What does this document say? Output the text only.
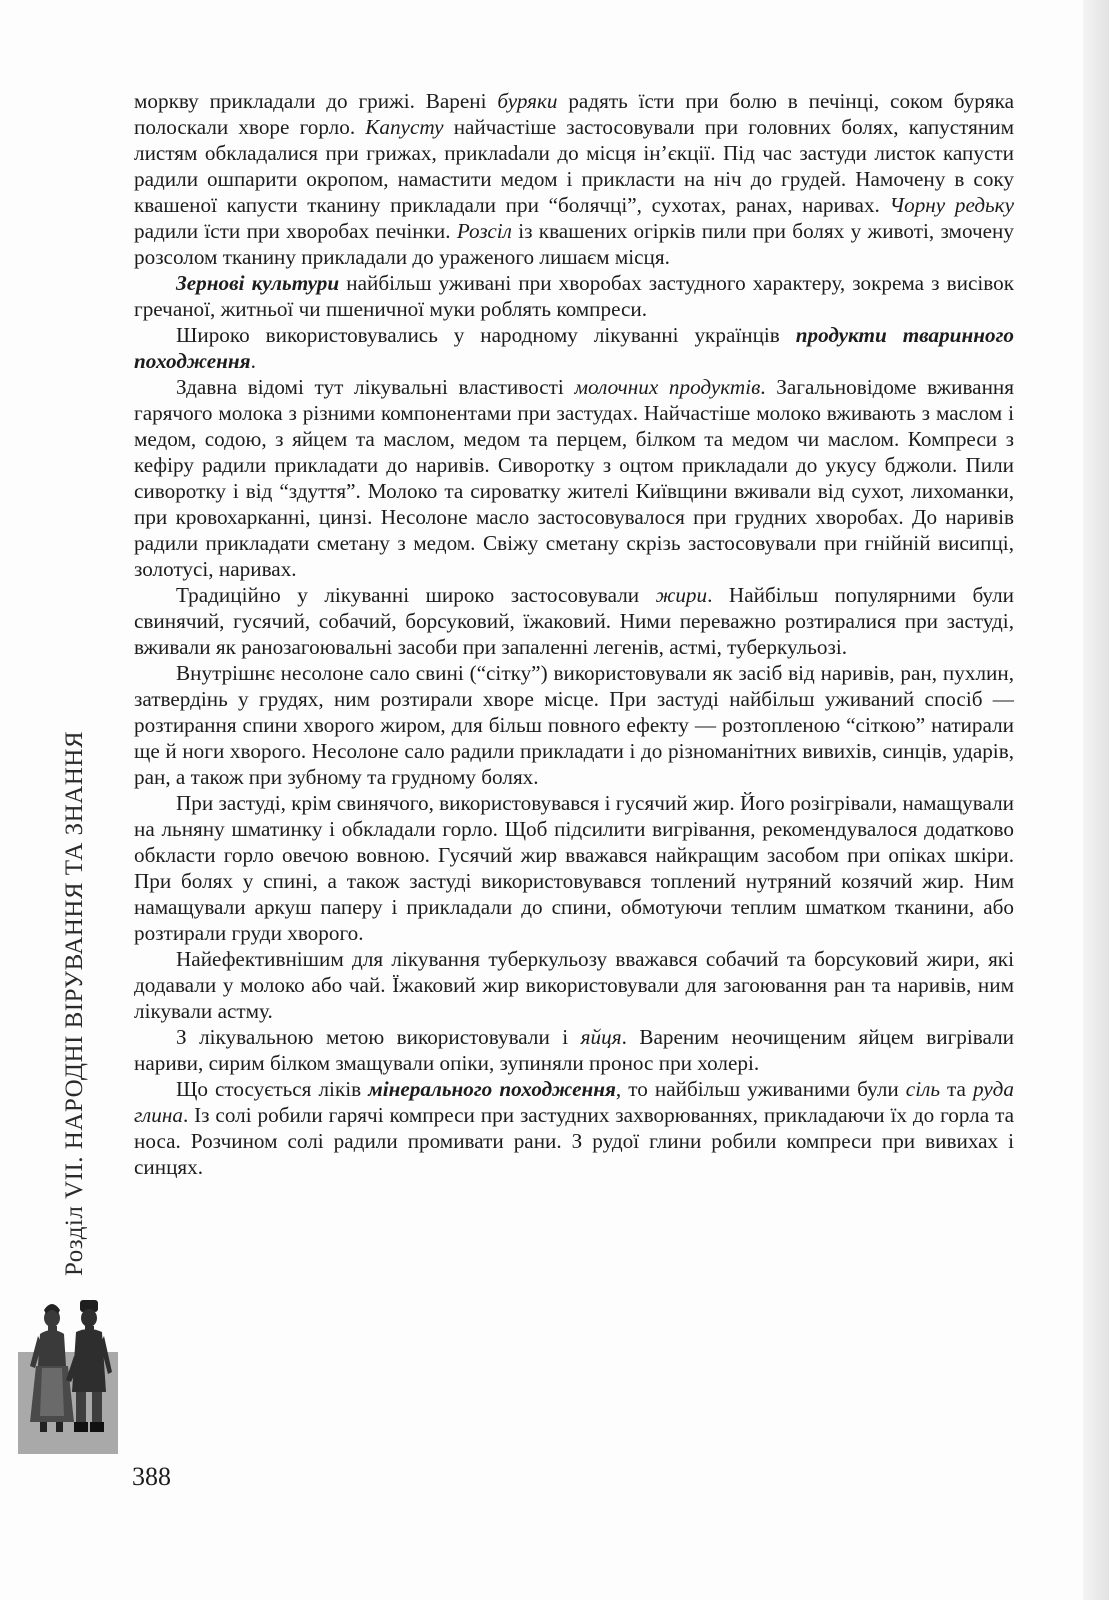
моркву прикладали до грижі. Варені буряки радять їсти при болю в печінці, соком буряка полоскали хворе горло. Капусту найчастіше застосовували при головних болях, капустяним листям обкладалися при грижах, приклаdали до місця ін’єкції. Під час застуди листок капусти радили ошпарити окропом, намастити медом і прикласти на ніч до грудей. Намочену в соку квашеної капусти тканину прикладали при “болячці”, сухотах, ранах, наривах. Чорну редьку радили їсти при хворобах печінки. Розсіл із квашених огірків пили при болях у животі, змочену розсолом тканину прикладали до ураженого лишаєм місця.

Зернові культури найбільш уживані при хворобах застудного характеру, зокрема з висівок гречаної, житньої чи пшеничної муки роблять компреси.

Широко використовувались у народному лікуванні українців продукти тваринного походження.

Здавна відомі тут лікувальні властивості молочних продуктів. Загальновідоме вживання гарячого молока з різними компонентами при застудах. Найчастіше молоко вживають з маслом і медом, содою, з яйцем та маслом, медом та перцем, білком та медом чи маслом. Компреси з кефіру радили прикладати до наривів. Сиворотку з оцтом прикладали до укусу бджоли. Пили сиворотку і від “здуття”. Молоко та сироватку жителі Київщини вживали від сухот, лихоманки, при кровохарканні, цинзі. Несолоне масло застосовувалося при грудних хворобах. До наривів радили прикладати сметану з медом. Свіжу сметану скрізь застосовували при гнійній висипці, золотусі, наривах.

Традиційно у лікуванні широко застосовували жири. Найбільш популярними були свинячий, гусячий, собачий, борсуковий, їжаковий. Ними переважно розтиралися при застуді, вживали як ранозагоювальні засоби при запаленні легенів, астмі, туберкульозі.

Внутрішнє несолоне сало свині (“сітку”) використовували як засіб від наривів, ран, пухлин, затвердінь у грудях, ним розтирали хворе місце. При застуді найбільш уживаний спосіб — розтирання спини хворого жиром, для більш повного ефекту — розтопленою “сіткою” натирали ще й ноги хворого. Несолоне сало радили прикладати і до різноманітних вивихів, синців, ударів, ран, а також при зубному та грудному болях.

При застуді, крім свинячого, використовувався і гусячий жир. Його розігрівали, намащували на льняну шматинку і обкладали горло. Щоб підсилити вигрівання, рекомендувалося додатково обкласти горло овечою вовною. Гусячий жир вважався найкращим засобом при опіках шкіри. При болях у спині, а також застуді використовувався топлений нутряний козячий жир. Ним намащували аркуш паперу і прикладали до спини, обмотуючи теплим шматком тканини, або розтирали груди хворого.

Найефективнішим для лікування туберкульозу вважався собачий та борсуковий жири, які додавали у молоко або чай. Їжаковий жир використовували для загоювання ран та наривів, ним лікували астму.

З лікувальною метою використовували і яйця. Вареним неочищеним яйцем вигрівали нариви, сирим білком змащували опіки, зупиняли пронос при холері.

Що стосується ліків мінерального походження, то найбільш уживаними були сіль та руда глина. Із солі робили гарячі компреси при застудних захворюваннях, прикладаючи їх до горла та носа. Розчином солі радили промивати рани. З рудої глини робили компреси при вивихах і синцях.

Розділ VII. НАРОДНІ ВІРУВАННЯ ТА ЗНАННЯ
388
